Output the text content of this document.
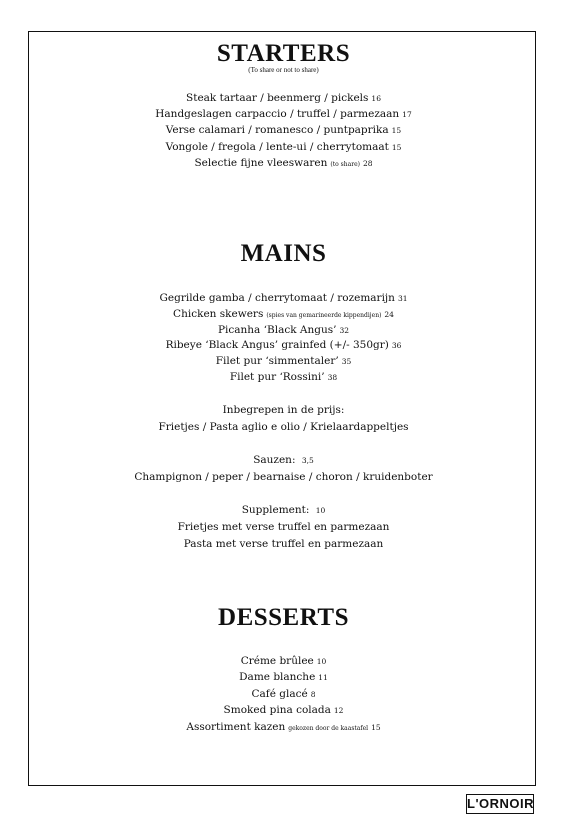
STARTERS
(To share or not to share)
Steak tartaar / beenmerg / pickels 16
Handgeslagen carpaccio / truffel / parmezaan 17
Verse calamari / romanesco / puntpaprika 15
Vongole / fregola / lente-ui / cherrytomaat 15
Selectie fijne vleeswaren (to share) 28
MAINS
Gegrilde gamba / cherrytomaat / rozemarijn 31
Chicken skewers (spies van gemarineerde kippendijen) 24
Picanha ‘Black Angus’ 32
Ribeye ‘Black Angus’ grainfed (+/- 350gr) 36
Filet pur ‘simmentaler’ 35
Filet pur ‘Rossini’ 38
Inbegrepen in de prijs:
Frietjes / Pasta aglio e olio / Krielaardappeltjes
Sauzen: 3,5
Champignon / peper / bearnaise / choron / kruidenboter
Supplement: 10
Frietjes met verse truffel en parmezaan
Pasta met verse truffel en parmezaan
DESSERTS
Créme brûlee 10
Dame blanche 11
Café glacé 8
Smoked pina colada 12
Assortiment kazen gekozen door de kaastafel 15
L'ORNOIR
